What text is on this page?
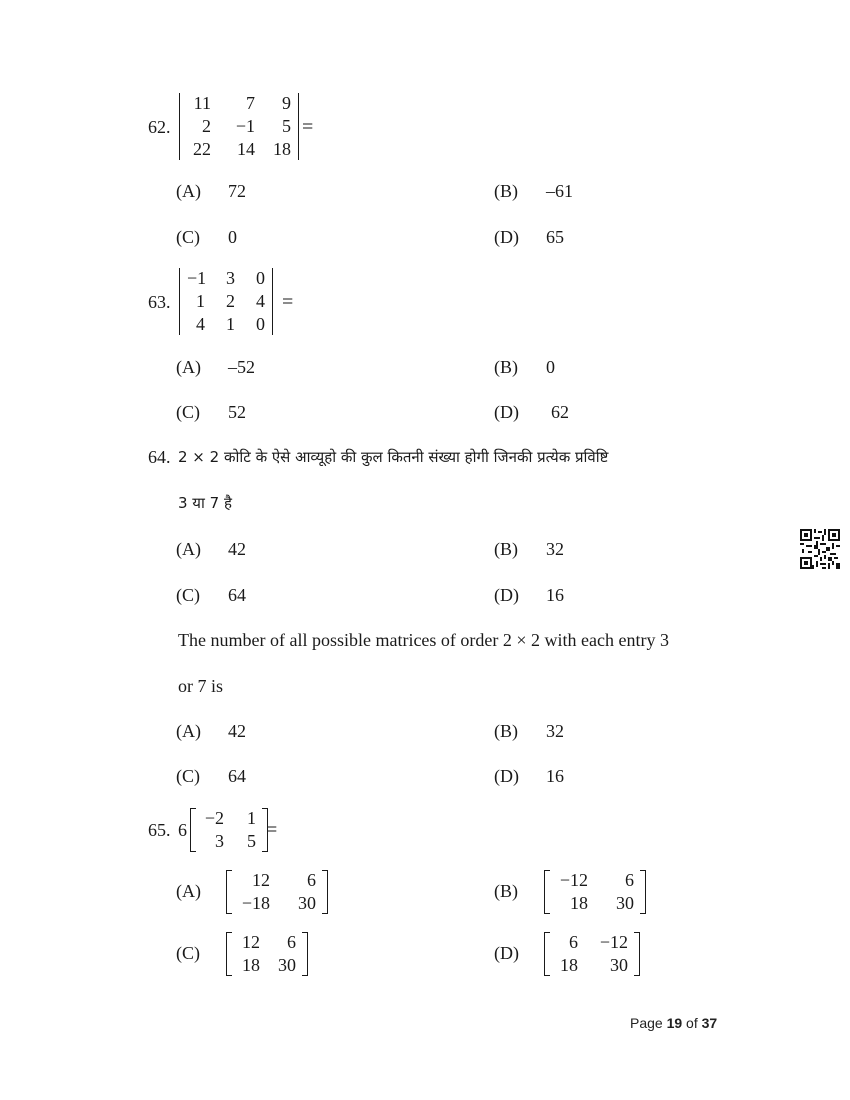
62.
11	7	9
2	−1	5
22	14	18
=
(A) 72	(B) –61
(C) 0	(D) 65
63.
−1	3	0
1	2	4
4	1	0
=
(A) –52	(B) 0
(C) 52	(D) 62
64. 2 × 2 कोटि के ऐसे आव्यूहो की कुल कितनी संख्या होगी जिनकी प्रत्येक प्रविष्टि
3 या 7 है
(A) 42	(B) 32
(C) 64	(D) 16
The number of all possible matrices of order 2 × 2 with each entry 3
or 7 is
(A) 42	(B) 32
(C) 64	(D) 16
65. 6
−2	1
3	5 =
(A)
12	6
−18	30
(B)
−12	6
18	30
(C)
12	6
18	30
(D)
6	−12
18	30
Page 19 of 37
